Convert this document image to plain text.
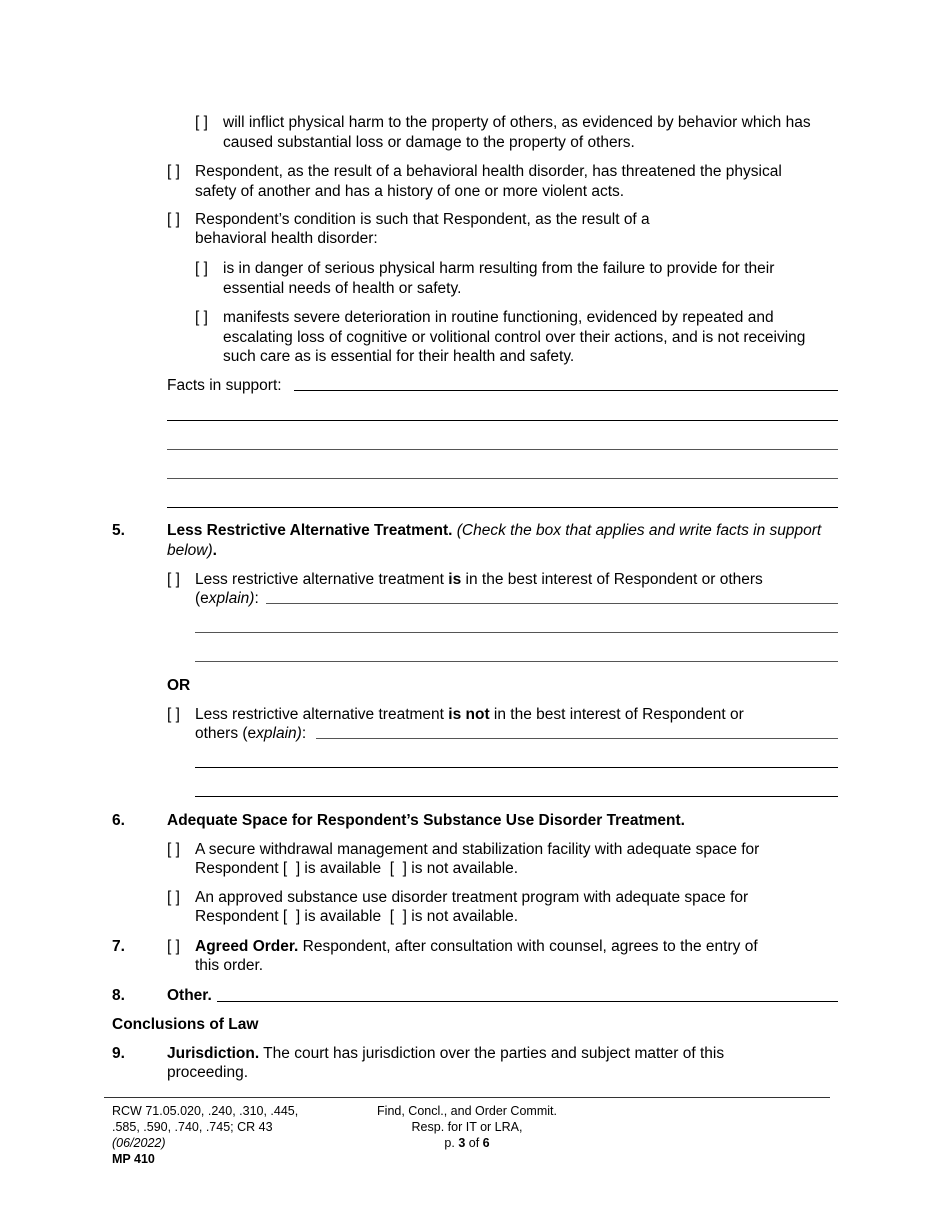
[ ] will inflict physical harm to the property of others, as evidenced by behavior which has caused substantial loss or damage to the property of others.
[ ] Respondent, as the result of a behavioral health disorder, has threatened the physical safety of another and has a history of one or more violent acts.
[ ] Respondent’s condition is such that Respondent, as the result of a
behavioral health disorder:
[ ] is in danger of serious physical harm resulting from the failure to provide for their essential needs of health or safety.
[ ] manifests severe deterioration in routine functioning, evidenced by repeated and escalating loss of cognitive or volitional control over their actions, and is not receiving such care as is essential for their health and safety.
Facts in support:
5.	Less Restrictive Alternative Treatment. (Check the box that applies and write facts in support below).
[ ] Less restrictive alternative treatment is in the best interest of Respondent or others
(explain):
OR
[ ] Less restrictive alternative treatment is not in the best interest of Respondent or
others (explain):
6.	Adequate Space for Respondent’s Substance Use Disorder Treatment.
[ ] A secure withdrawal management and stabilization facility with adequate space for
Respondent [  ] is available  [  ] is not available.
[ ] An approved substance use disorder treatment program with adequate space for
Respondent [  ] is available  [  ] is not available.
7.	[ ] Agreed Order. Respondent, after consultation with counsel, agrees to the entry of
this order.
8.	Other.
Conclusions of Law
9.	Jurisdiction. The court has jurisdiction over the parties and subject matter of this
proceeding.
RCW 71.05.020, .240, .310, .445,
.585, .590, .740, .745; CR 43
(06/2022)
MP 410
Find, Concl., and Order Commit.
Resp. for IT or LRA,
p. 3 of 6
